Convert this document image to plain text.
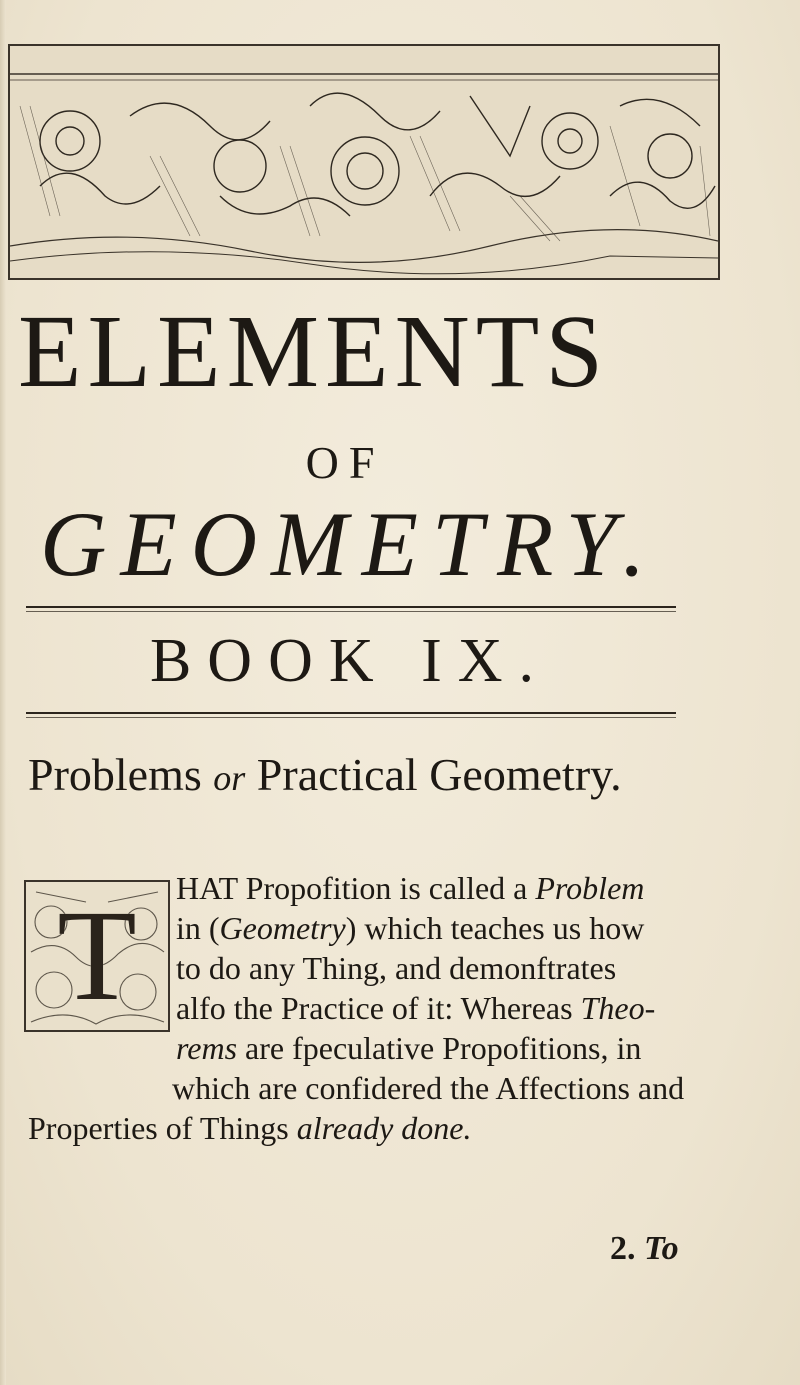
ELEMENTS
OF
GEOMETRY.
BOOK IX.
Problems or Practical Geometry.
T	HAT Propofition is called a Problem
in (Geometry) which teaches us how
to do any Thing, and demonftrates
alfo the Practice of it: Whereas Theo-
rems are fpeculative Propofitions, in
which are confidered the Affections and
Properties of Things already done.
2. To
